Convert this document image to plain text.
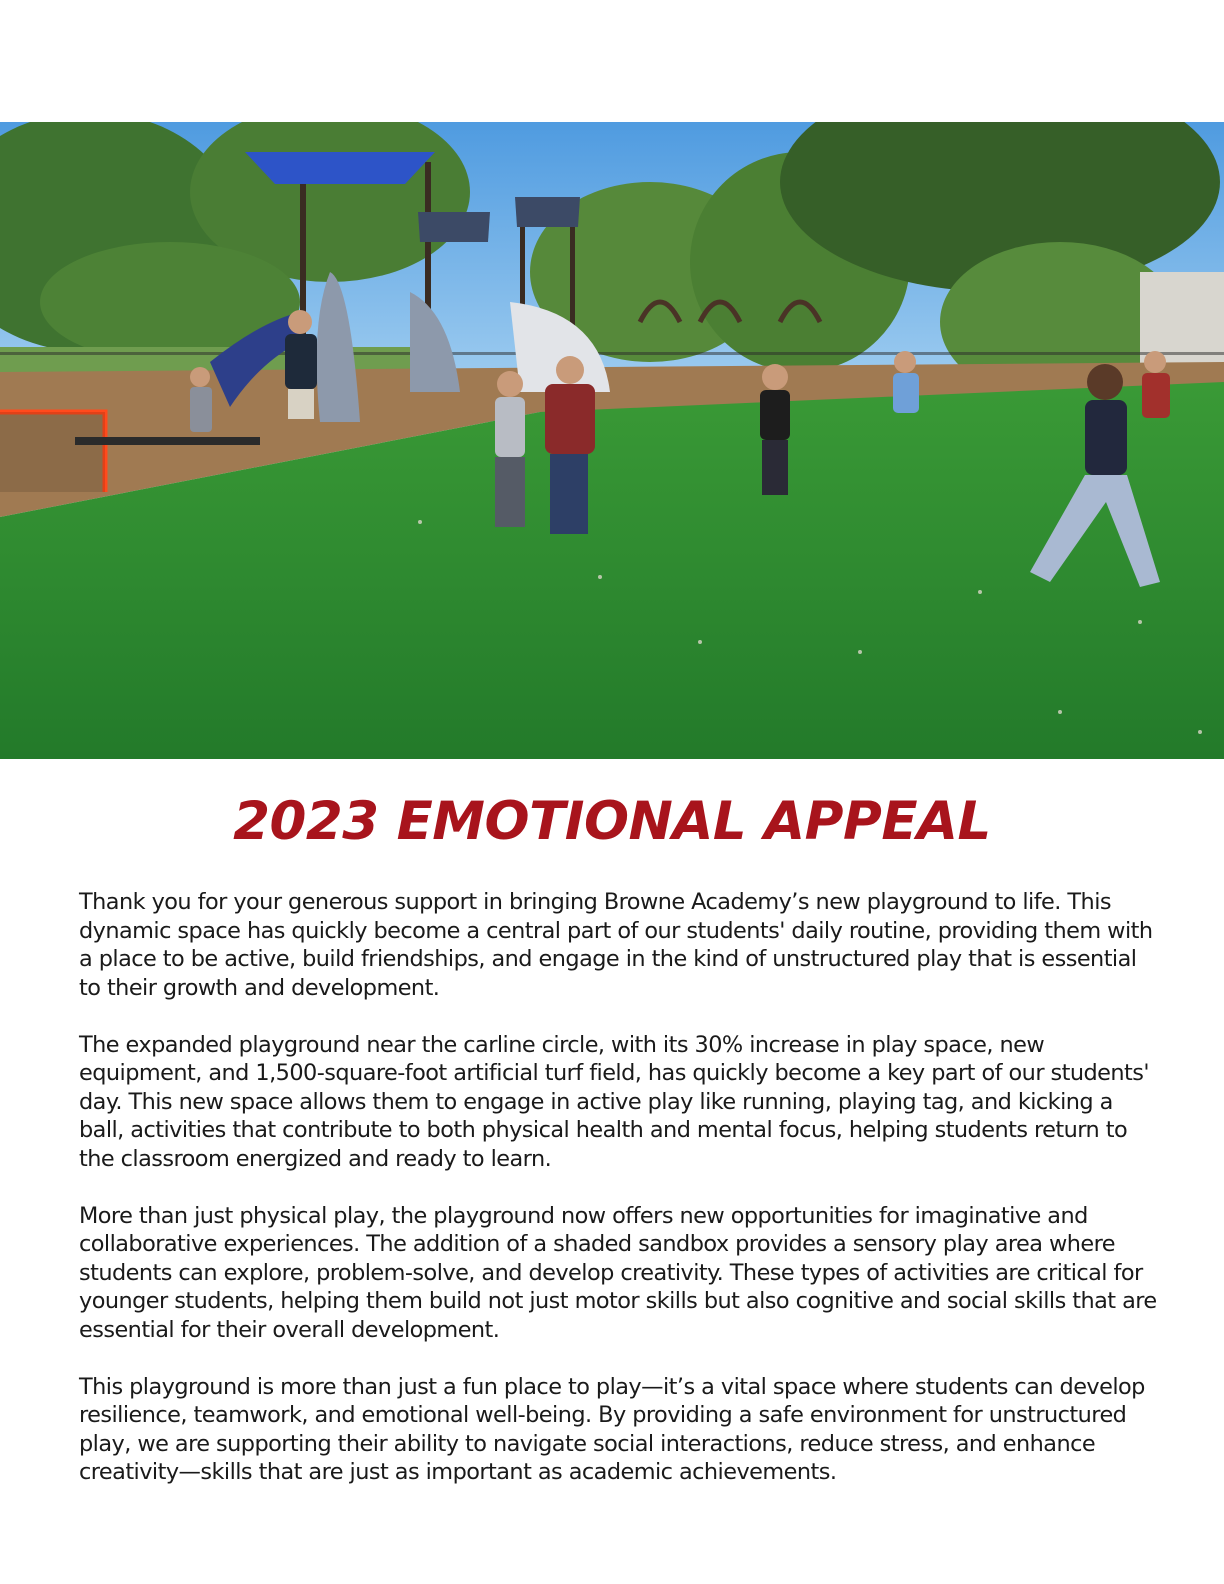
2023 EMOTIONAL APPEAL

Thank you for your generous support in bringing Browne Academy’s new playground to life. This dynamic space has quickly become a central part of our students' daily routine, providing them with a place to be active, build friendships, and engage in the kind of unstructured play that is essential to their growth and development.

The expanded playground near the carline circle, with its 30% increase in play space, new equipment, and 1,500-square-foot artificial turf field, has quickly become a key part of our students' day. This new space allows them to engage in active play like running, playing tag, and kicking a ball, activities that contribute to both physical health and mental focus, helping students return to the classroom energized and ready to learn.

More than just physical play, the playground now offers new opportunities for imaginative and collaborative experiences. The addition of a shaded sandbox provides a sensory play area where students can explore, problem-solve, and develop creativity. These types of activities are critical for younger students, helping them build not just motor skills but also cognitive and social skills that are essential for their overall development.

This playground is more than just a fun place to play—it’s a vital space where students can develop resilience, teamwork, and emotional well-being. By providing a safe environment for unstructured play, we are supporting their ability to navigate social interactions, reduce stress, and enhance creativity—skills that are just as important as academic achievements.
